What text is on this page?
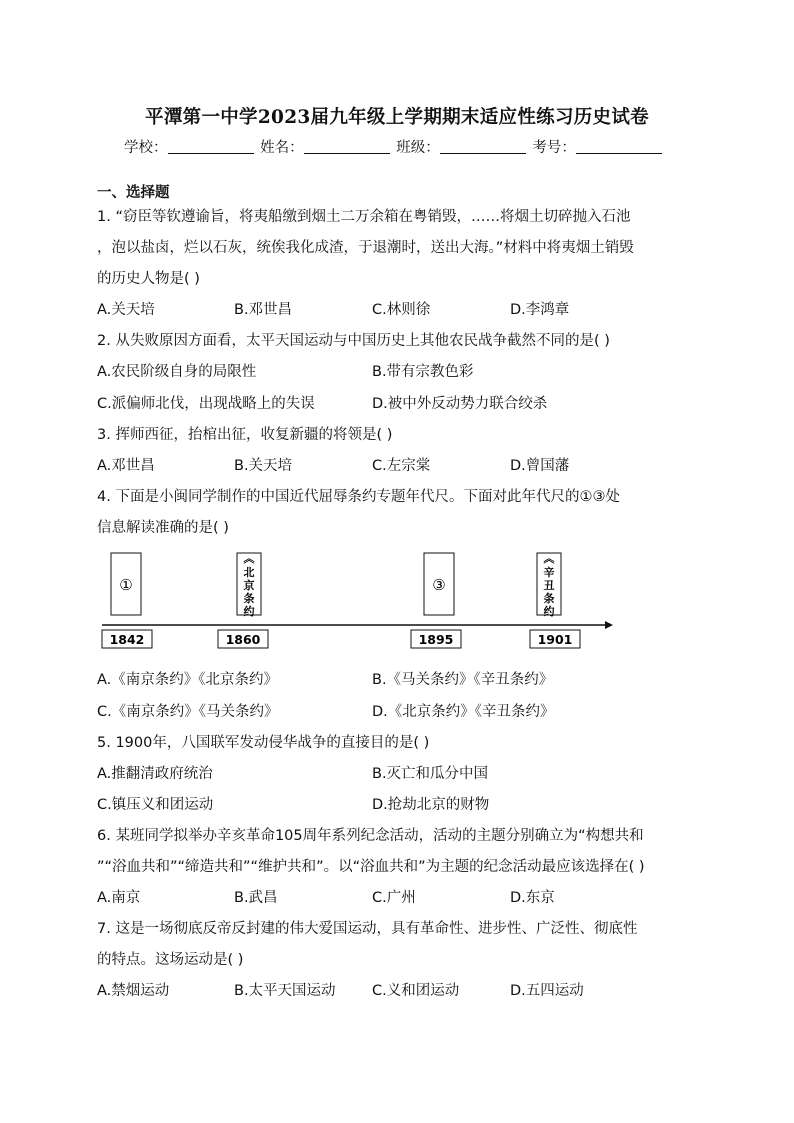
平潭第一中学2023届九年级上学期期末适应性练习历史试卷
学校：	姓名：	班级：	考号：
一、选择题
1. “窃臣等钦遵谕旨，将夷船缴到烟土二万余箱在粤销毁，……将烟土切碎抛入石池
，泡以盐卤，烂以石灰，统俟我化成渣，于退潮时，送出大海。”材料中将夷烟土销毁
的历史人物是( )
A.关天培	B.邓世昌	C.林则徐	D.李鸿章
2. 从失败原因方面看，太平天国运动与中国历史上其他农民战争截然不同的是( )
A.农民阶级自身的局限性	B.带有宗教色彩
C.派偏师北伐，出现战略上的失误	D.被中外反动势力联合绞杀
3. 挥师西征，抬棺出征，收复新疆的将领是( )
A.邓世昌	B.关天培	C.左宗棠	D.曾国藩
4. 下面是小闽同学制作的中国近代屈辱条约专题年代尺。下面对此年代尺的①③处
信息解读准确的是( )
①
︽北京条约
③
︽辛丑条约
1842	1860	1895	1901
A.《南京条约》《北京条约》	B.《马关条约》《辛丑条约》
C.《南京条约》《马关条约》	D.《北京条约》《辛丑条约》
5. 1900年，八国联军发动侵华战争的直接目的是( )
A.推翻清政府统治	B.灭亡和瓜分中国
C.镇压义和团运动	D.抢劫北京的财物
6. 某班同学拟举办辛亥革命105周年系列纪念活动，活动的主题分别确立为“构想共和
”“浴血共和”“缔造共和”“维护共和”。以“浴血共和”为主题的纪念活动最应该选择在( )
A.南京	B.武昌	C.广州	D.东京
7. 这是一场彻底反帝反封建的伟大爱国运动，具有革命性、进步性、广泛性、彻底性
的特点。这场运动是( )
A.禁烟运动	B.太平天国运动	C.义和团运动	D.五四运动
